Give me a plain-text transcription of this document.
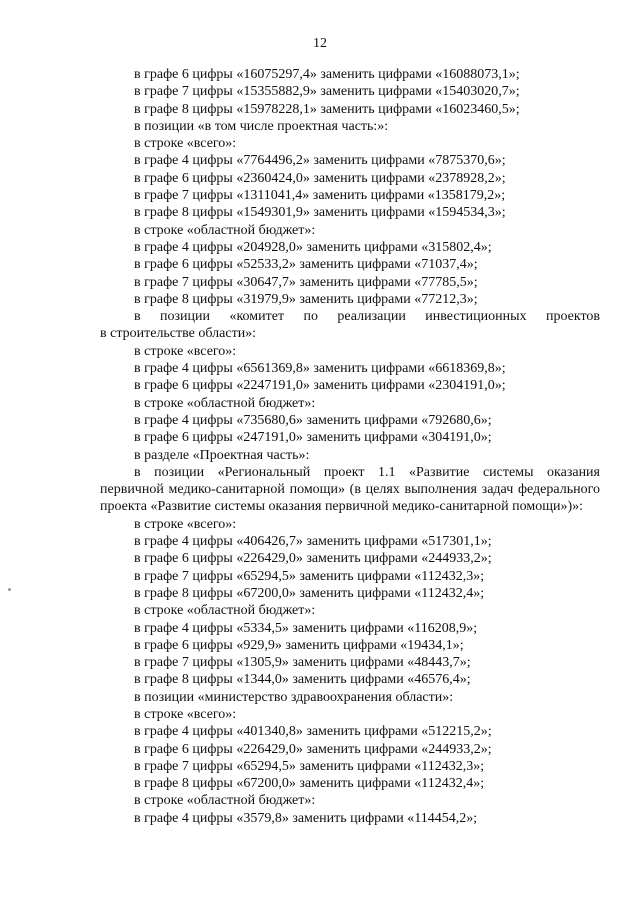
12
в графе 6 цифры «16075297,4» заменить цифрами «16088073,1»;
в графе 7 цифры «15355882,9» заменить цифрами «15403020,7»;
в графе 8 цифры «15978228,1» заменить цифрами «16023460,5»;
в позиции «в том числе проектная часть:»:
в строке «всего»:
в графе 4 цифры «7764496,2» заменить цифрами «7875370,6»;
в графе 6 цифры «2360424,0» заменить цифрами «2378928,2»;
в графе 7 цифры «1311041,4» заменить цифрами «1358179,2»;
в графе 8 цифры «1549301,9» заменить цифрами «1594534,3»;
в строке «областной бюджет»:
в графе 4 цифры «204928,0» заменить цифрами «315802,4»;
в графе 6 цифры «52533,2» заменить цифрами «71037,4»;
в графе 7 цифры «30647,7» заменить цифрами «77785,5»;
в графе 8 цифры «31979,9» заменить цифрами «77212,3»;
в позиции «комитет по реализации инвестиционных проектов
в строительстве области»:
в строке «всего»:
в графе 4 цифры «6561369,8» заменить цифрами «6618369,8»;
в графе 6 цифры «2247191,0» заменить цифрами «2304191,0»;
в строке «областной бюджет»:
в графе 4 цифры «735680,6» заменить цифрами «792680,6»;
в графе 6 цифры «247191,0» заменить цифрами «304191,0»;
в разделе «Проектная часть»:
в позиции «Региональный проект 1.1 «Развитие системы оказания
первичной медико-санитарной помощи» (в целях выполнения задач федерального
проекта «Развитие системы оказания первичной медико-санитарной помощи»)»:
в строке «всего»:
в графе 4 цифры «406426,7» заменить цифрами «517301,1»;
в графе 6 цифры «226429,0» заменить цифрами «244933,2»;
в графе 7 цифры «65294,5» заменить цифрами «112432,3»;
в графе 8 цифры «67200,0» заменить цифрами «112432,4»;
в строке «областной бюджет»:
в графе 4 цифры «5334,5» заменить цифрами «116208,9»;
в графе 6 цифры «929,9» заменить цифрами «19434,1»;
в графе 7 цифры «1305,9» заменить цифрами «48443,7»;
в графе 8 цифры «1344,0» заменить цифрами «46576,4»;
в позиции «министерство здравоохранения области»:
в строке «всего»:
в графе 4 цифры «401340,8» заменить цифрами «512215,2»;
в графе 6 цифры «226429,0» заменить цифрами «244933,2»;
в графе 7 цифры «65294,5» заменить цифрами «112432,3»;
в графе 8 цифры «67200,0» заменить цифрами «112432,4»;
в строке «областной бюджет»:
в графе 4 цифры «3579,8» заменить цифрами «114454,2»;
